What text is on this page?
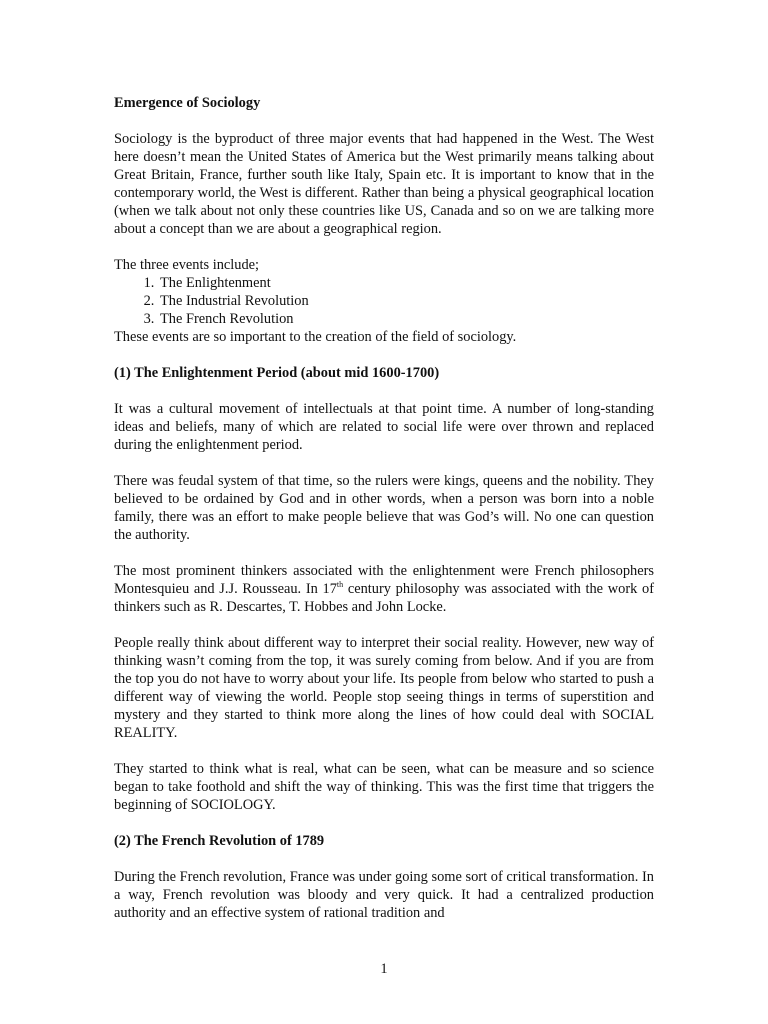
Emergence of Sociology

Sociology is the byproduct of three major events that had happened in the West. The West here doesn’t mean the United States of America but the West primarily means talking about Great Britain, France, further south like Italy, Spain etc. It is important to know that in the contemporary world, the West is different. Rather than being a physical geographical location (when we talk about not only these countries like US, Canada and so on we are talking more about a concept than we are about a geographical region.

The three events include;
1. The Enlightenment
2. The Industrial Revolution
3. The French Revolution

These events are so important to the creation of the field of sociology.

(1) The Enlightenment Period (about mid 1600-1700)

It was a cultural movement of intellectuals at that point time. A number of long-standing ideas and beliefs, many of which are related to social life were over thrown and replaced during the enlightenment period.

There was feudal system of that time, so the rulers were kings, queens and the nobility. They believed to be ordained by God and in other words, when a person was born into a noble family, there was an effort to make people believe that was God’s will. No one can question the authority.

The most prominent thinkers associated with the enlightenment were French philosophers Montesquieu and J.J. Rousseau. In 17th century philosophy was associated with the work of thinkers such as R. Descartes, T. Hobbes and John Locke.

People really think about different way to interpret their social reality. However, new way of thinking wasn’t coming from the top, it was surely coming from below. And if you are from the top you do not have to worry about your life. Its people from below who started to push a different way of viewing the world. People stop seeing things in terms of superstition and mystery and they started to think more along the lines of how could deal with SOCIAL REALITY.

They started to think what is real, what can be seen, what can be measure and so science began to take foothold and shift the way of thinking. This was the first time that triggers the beginning of SOCIOLOGY.

(2) The French Revolution of 1789

During the French revolution, France was under going some sort of critical transformation. In a way, French revolution was bloody and very quick. It had a centralized production authority and an effective system of rational tradition and

1
